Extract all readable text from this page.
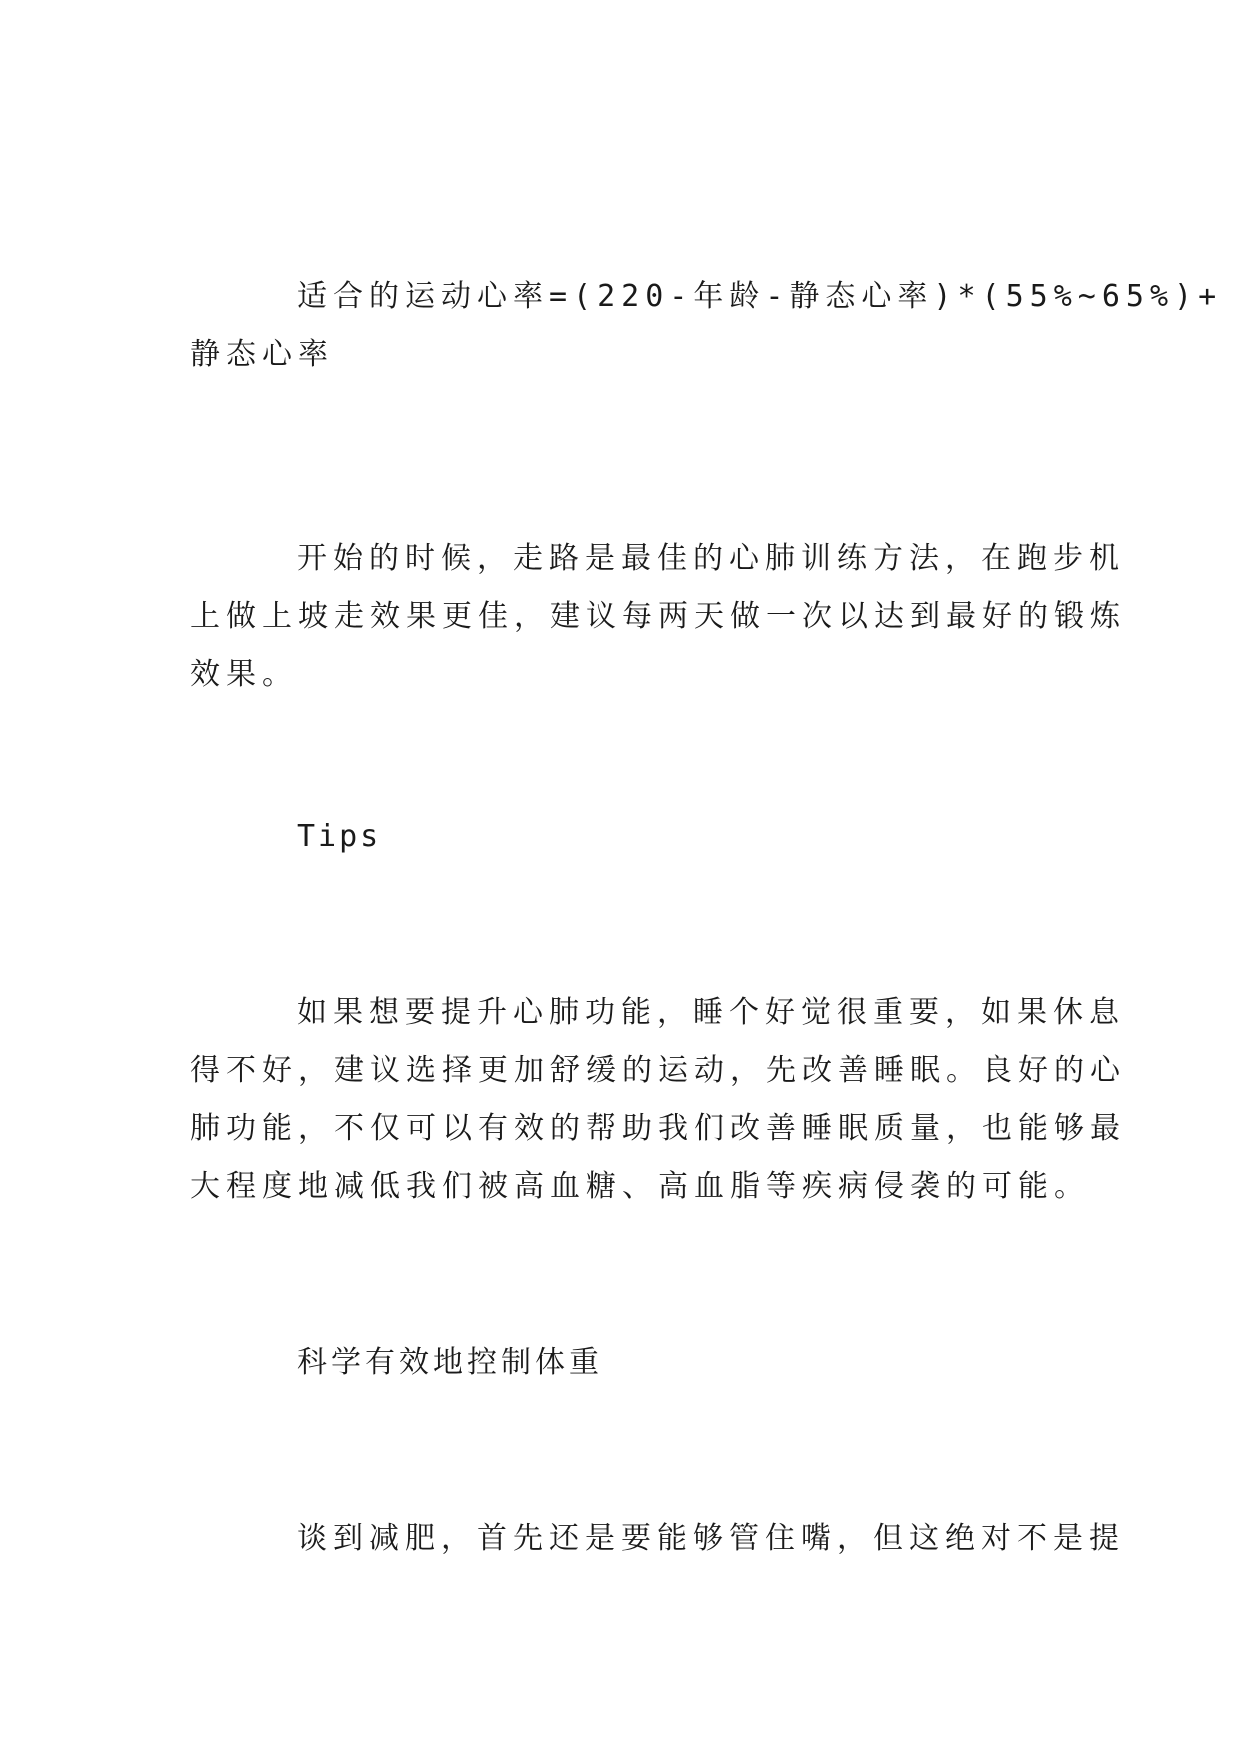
适合的运动心率=(220-年龄-静态心率)*(55%~65%)+

静态心率

开始的时候，走路是最佳的心肺训练方法，在跑步机

上做上坡走效果更佳，建议每两天做一次以达到最好的锻炼

效果。

Tips

如果想要提升心肺功能，睡个好觉很重要，如果休息

得不好，建议选择更加舒缓的运动，先改善睡眠。良好的心

肺功能，不仅可以有效的帮助我们改善睡眠质量，也能够最

大程度地减低我们被高血糖、高血脂等疾病侵袭的可能。

科学有效地控制体重

谈到减肥，首先还是要能够管住嘴，但这绝对不是提
